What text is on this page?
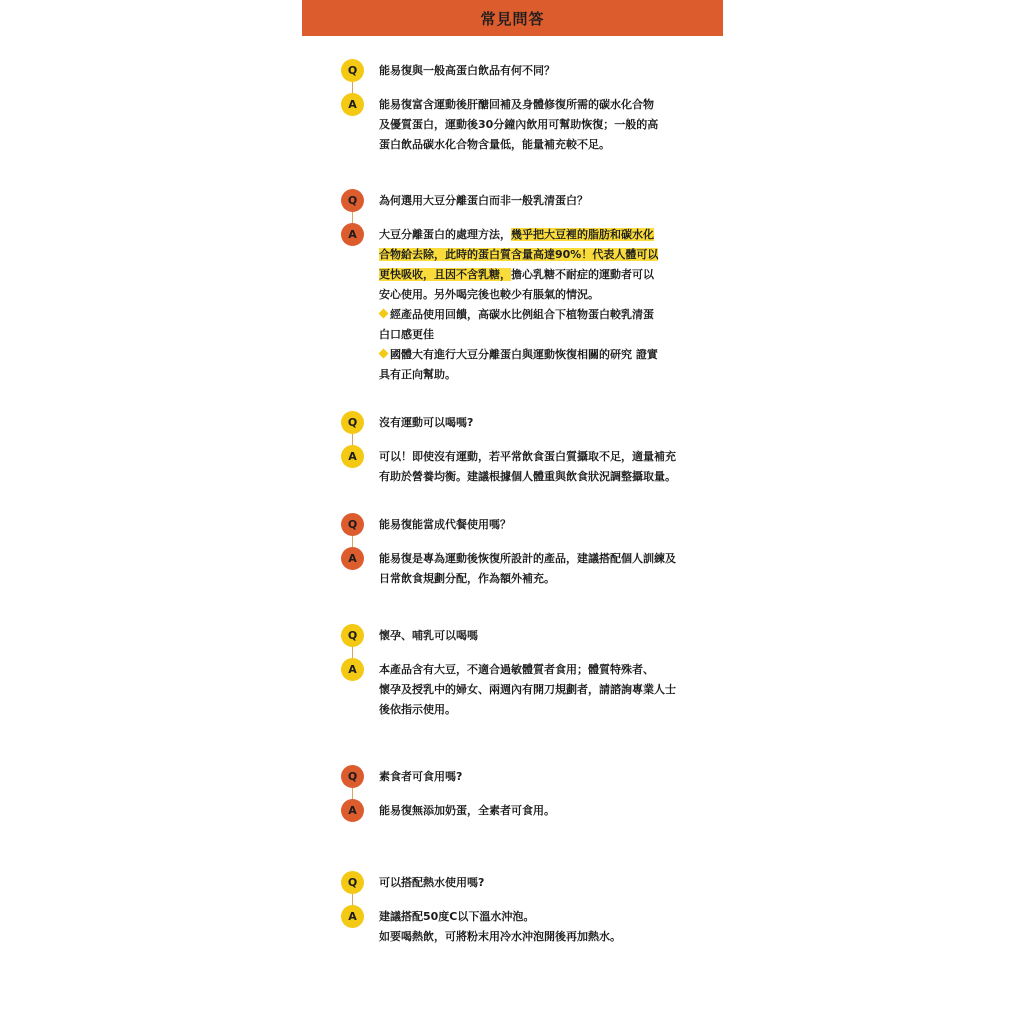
常見問答
Q	能易復與一般高蛋白飲品有何不同？
A	能易復富含運動後肝醣回補及身體修復所需的碳水化合物
及優質蛋白，運動後30分鐘內飲用可幫助恢復；一般的高
蛋白飲品碳水化合物含量低，能量補充較不足。
Q	為何選用大豆分離蛋白而非一般乳清蛋白？
A	大豆分離蛋白的處理方法，幾乎把大豆裡的脂肪和碳水化
合物給去除，此時的蛋白質含量高達90%！代表人體可以
更快吸收，且因不含乳糖，擔心乳糖不耐症的運動者可以
安心使用。另外喝完後也較少有脹氣的情況。
經產品使用回饋，高碳水比例組合下植物蛋白較乳清蛋
白口感更佳
國體大有進行大豆分離蛋白與運動恢復相關的研究 證實
具有正向幫助。
Q	沒有運動可以喝嗎?
A	可以！即使沒有運動，若平常飲食蛋白質攝取不足，適量補充
有助於營養均衡。建議根據個人體重與飲食狀況調整攝取量。
Q	能易復能當成代餐使用嗎？
A	能易復是專為運動後恢復所設計的產品，建議搭配個人訓練及
日常飲食規劃分配，作為額外補充。
Q	懷孕、哺乳可以喝嗎
A	本產品含有大豆，不適合過敏體質者食用；體質特殊者、
懷孕及授乳中的婦女、兩週內有開刀規劃者，請諮詢專業人士
後依指示使用。
Q	素食者可食用嗎?
A	能易復無添加奶蛋，全素者可食用。
Q	可以搭配熱水使用嗎?
A	建議搭配50度C以下溫水沖泡。
如要喝熱飲，可將粉末用冷水沖泡開後再加熱水。
